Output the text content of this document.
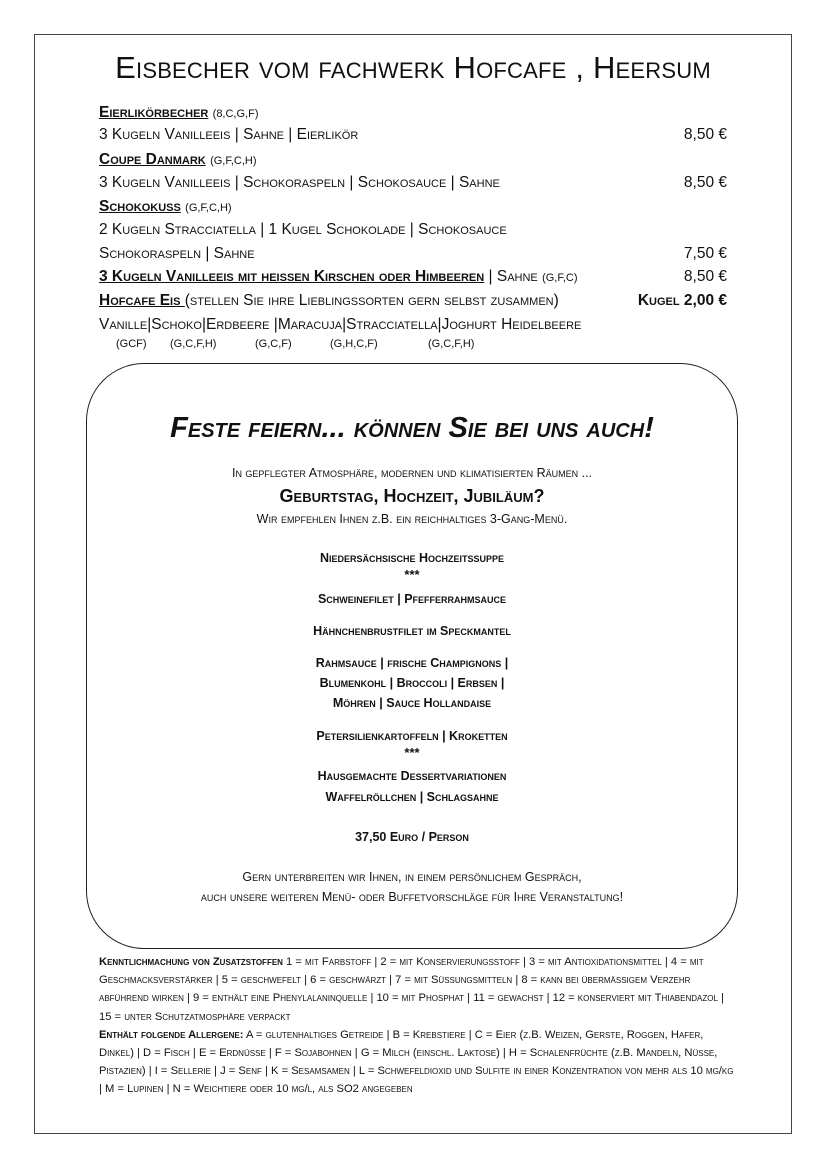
Eisbecher vom fachwerk Hofcafe , Heersum
Eierlikörbecher (8,C,G,F)
3 Kugeln Vanilleeis | Sahne | Eierlikör	8,50 €
Coupe Danmark (G,F,C,H)
3 Kugeln Vanilleeis | Schokoraspeln | Schokosauce | Sahne	8,50 €
Schokokuss (G,F,C,H)
2 Kugeln Stracciatella | 1 Kugel Schokolade | Schokosauce
Schokoraspeln | Sahne	7,50 €
3 Kugeln Vanilleeis mit heißen Kirschen oder Himbeeren | Sahne (G,F,C)	8,50 €
Hofcafe Eis (stellen Sie ihre Lieblingssorten gern selbst zusammen)	Kugel 2,00 €
Vanille|Schoko|Erdbeere |Maracuja|Stracciatella|Joghurt Heidelbeere
(GCF) (G,C,F,H)	(G,C,F)	(G,H,C,F)	(G,C,F,H)
Feste feiern... können Sie bei uns auch!
In gepflegter Atmosphäre, modernen und klimatisierten Räumen ...
Geburtstag, Hochzeit, Jubiläum?
Wir empfehlen Ihnen z.B. ein reichhaltiges 3-Gang-Menü.
Niedersächsische Hochzeitssuppe
***
Schweinefilet | Pfefferrahmsauce
Hähnchenbrustfilet im Speckmantel
Rahmsauce | frische Champignons |
Blumenkohl | Broccoli | Erbsen |
Möhren | Sauce Hollandaise
Petersilienkartoffeln | Kroketten
***
Hausgemachte Dessertvariationen
Waffelröllchen | Schlagsahne
37,50 Euro / Person
Gern unterbreiten wir Ihnen, in einem persönlichem Gespräch,
auch unsere weiteren Menü- oder Buffetvorschläge für Ihre Veranstaltung!
Kenntlichmachung von Zusatzstoffen 1 = mit Farbstoff | 2 = mit Konservierungsstoff | 3 = mit Antioxidationsmittel | 4 = mit Geschmacksverstärker | 5 = geschwefelt | 6 = geschwärzt | 7 = mit Süßungsmitteln | 8 = kann bei übermäßigem Verzehr abführend wirken | 9 = enthält eine Phenylalaninquelle | 10 = mit Phosphat | 11 = gewachst | 12 = konserviert mit Thiabendazol | 15 = unter Schutzatmosphäre verpackt
Enthält folgende Allergene: A = glutenhaltiges Getreide | B = Krebstiere | C = Eier (z.B. Weizen, Gerste, Roggen, Hafer, Dinkel) | D = Fisch | E = Erdnüsse | F = Sojabohnen | G = Milch (einschl. Laktose) | H = Schalenfrüchte (z.B. Mandeln, Nüsse, Pistazien) | I = Sellerie | J = Senf | K = Sesamsamen | L = Schwefeldioxid und Sulfite in einer Konzentration von mehr als 10 mg/kg | M = Lupinen | N = Weichtiere oder 10 mg/l, als SO2 angegeben
